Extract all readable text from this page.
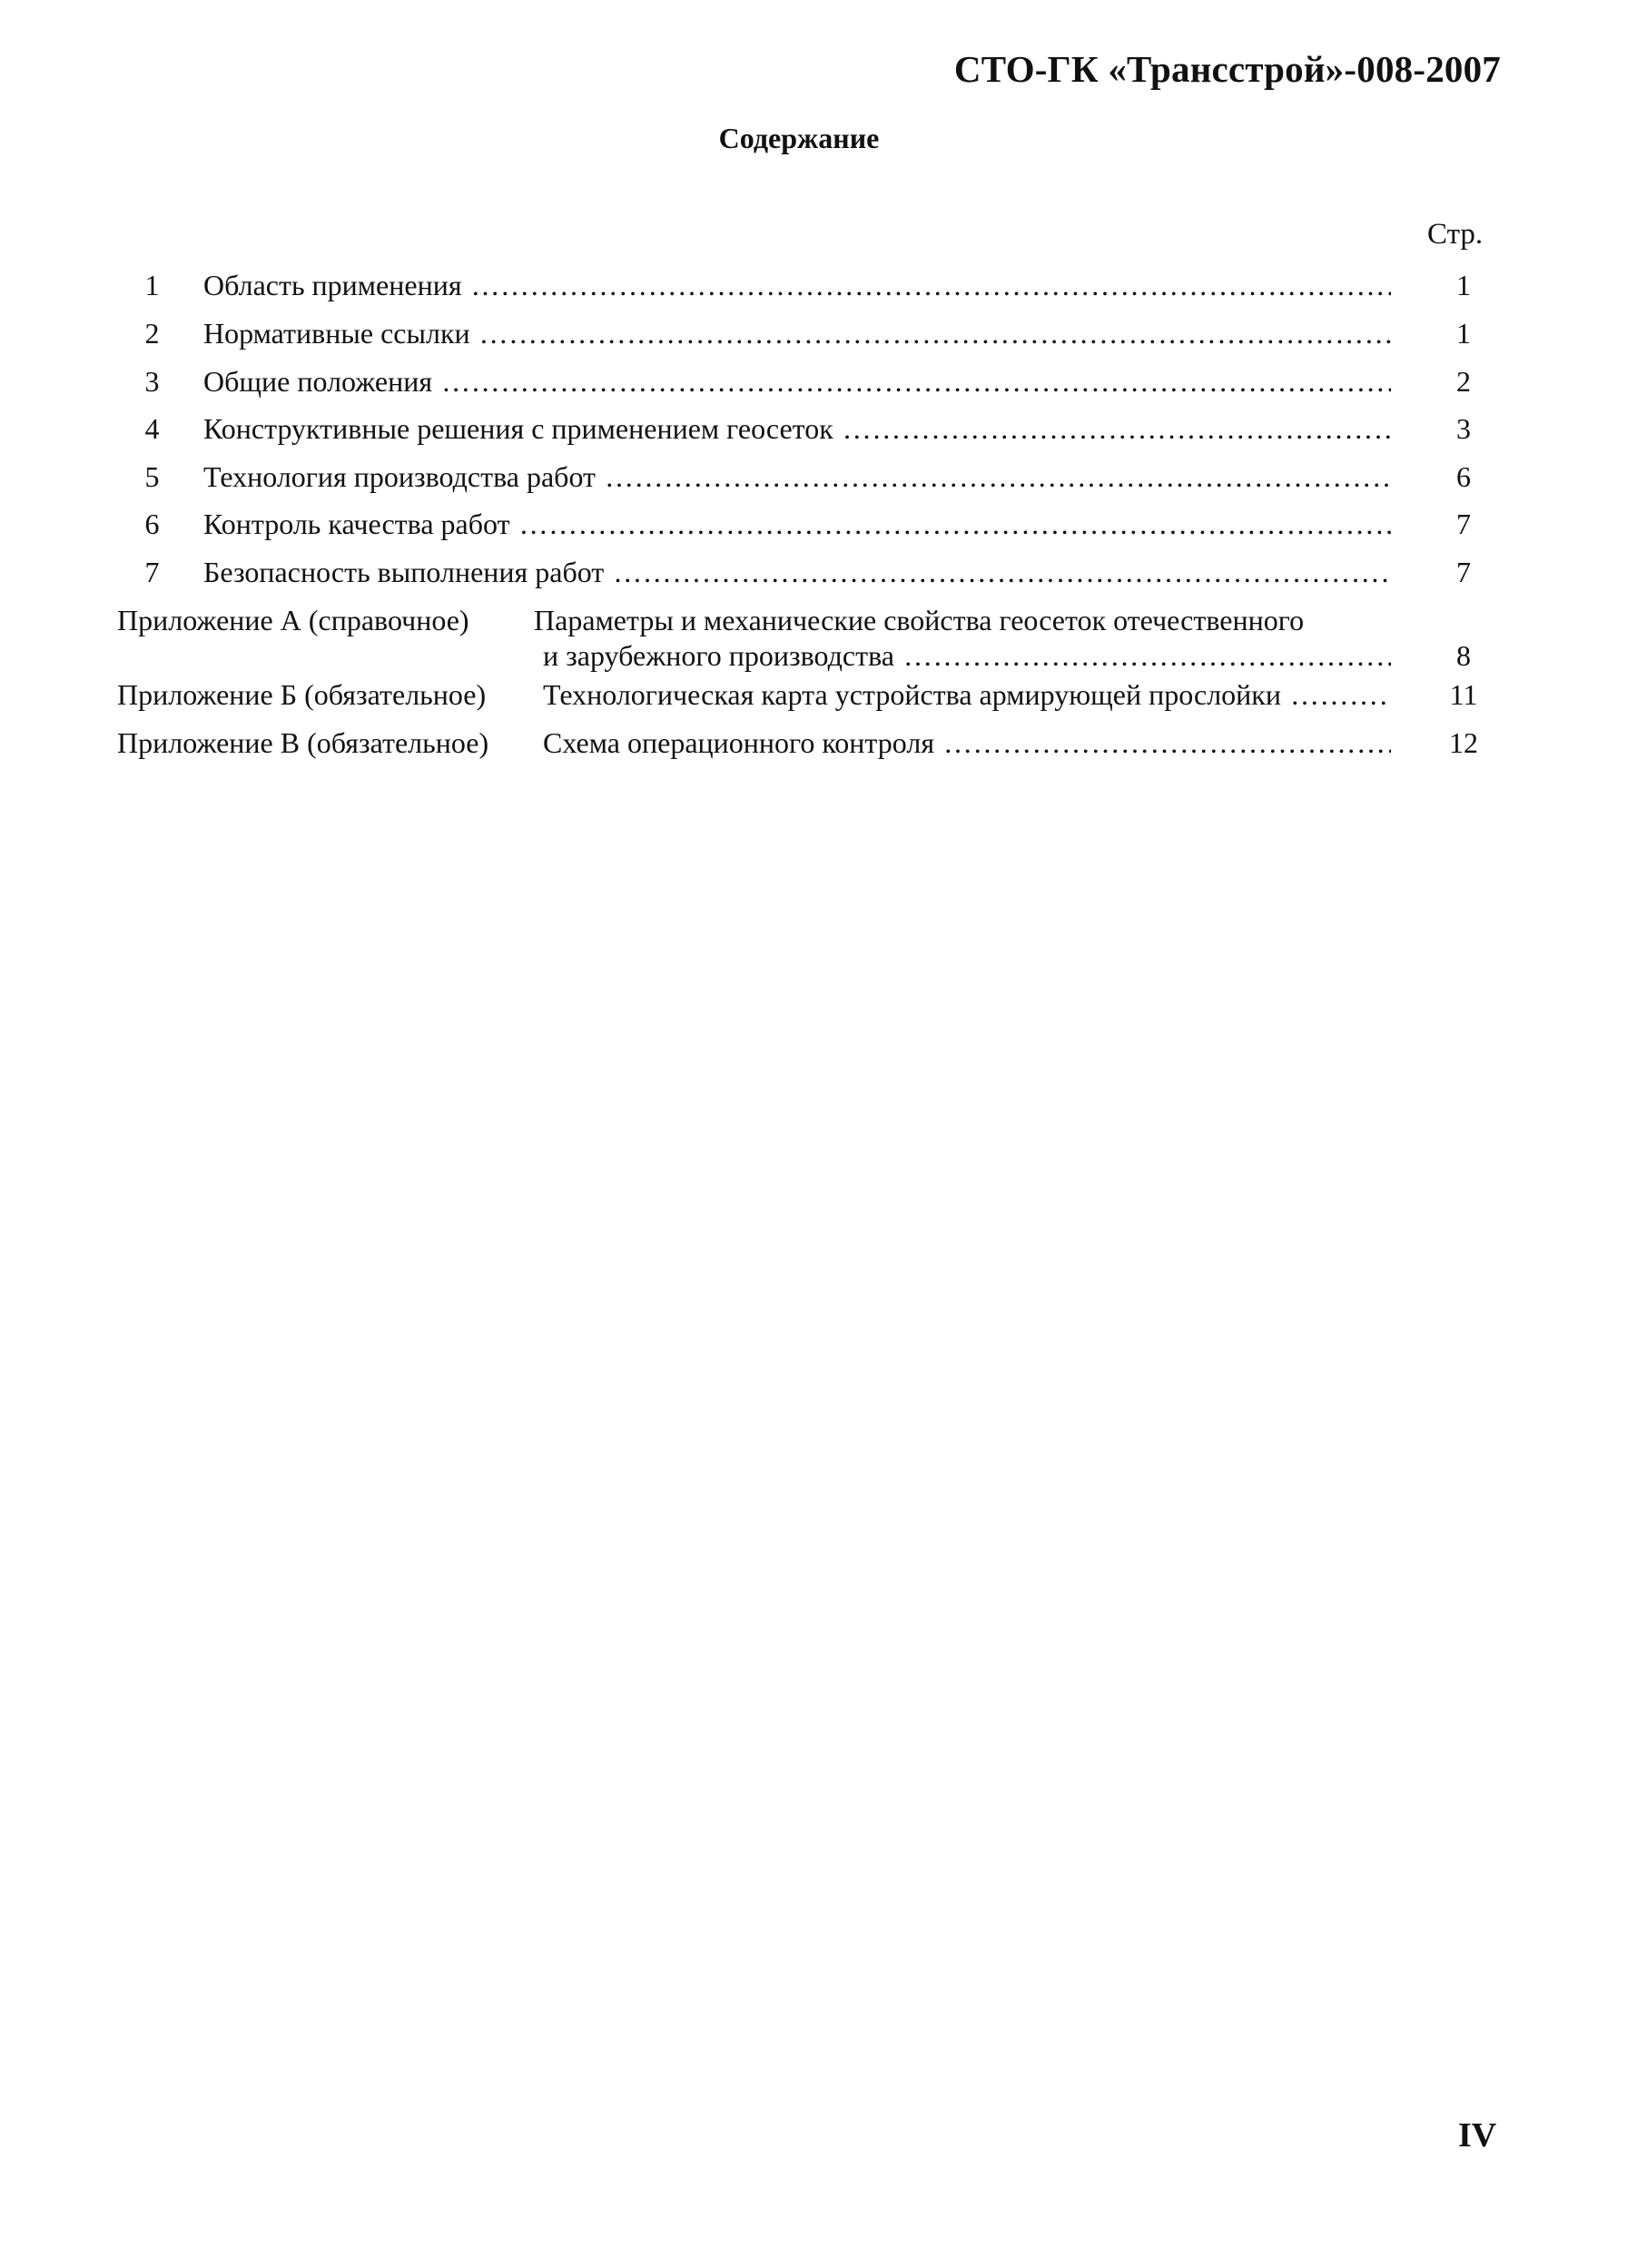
СТО-ГК «Трансстрой»-008-2007
Содержание
Стр.
1 Область применения ………………………………………………………………………………………………………………………………………………………………………………………………	1
2 Нормативные ссылки ………………………………………………………………………………………………………………………………………………………………………………………………	1
3 Общие положения ………………………………………………………………………………………………………………………………………………………………………………………………	2
4 Конструктивные решения с применением геосеток ………………………………………………………………………………………………………………………………………………………………………………………………	3
5 Технология производства работ ………………………………………………………………………………………………………………………………………………………………………………………………	6
6 Контроль качества работ ………………………………………………………………………………………………………………………………………………………………………………………………	7
7 Безопасность выполнения работ ………………………………………………………………………………………………………………………………………………………………………………………………	7
Приложение А (справочное) Параметры и механические свойства геосеток отечественного
и зарубежного производства ………………………………………………………………………………………………………………………………………………………………………………………………	8
Приложение Б (обязательное) Технологическая карта устройства армирующей прослойки ………………………………………………………………………………………………………………………………………………………………………………………………	11
Приложение В (обязательное) Схема операционного контроля ………………………………………………………………………………………………………………………………………………………………………………………………	12
IV
